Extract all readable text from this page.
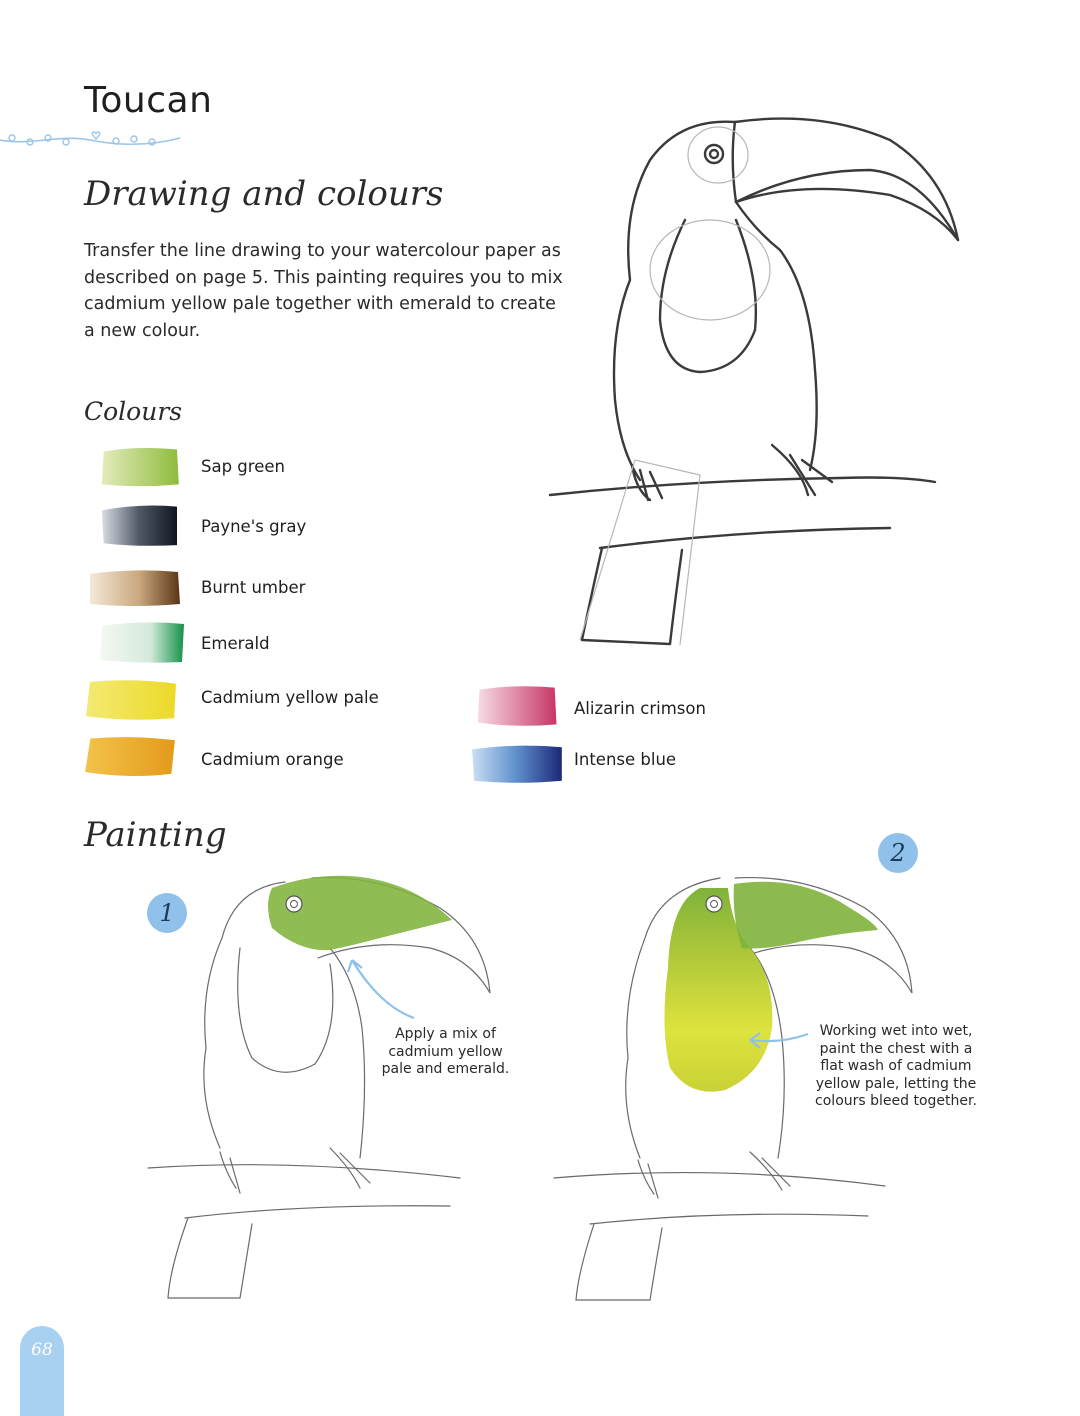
Toucan
Drawing and colours
Transfer the line drawing to your watercolour paper as described on page 5. This painting requires you to mix cadmium yellow pale together with emerald to create a new colour.
Colours
Sap green
Payne's gray
Burnt umber
Emerald
Cadmium yellow pale
Cadmium orange
Alizarin crimson
Intense blue
Painting
1
Apply a mix of cadmium yellow pale and emerald.
2
Working wet into wet, paint the chest with a flat wash of cadmium yellow pale, letting the colours bleed together.
68
